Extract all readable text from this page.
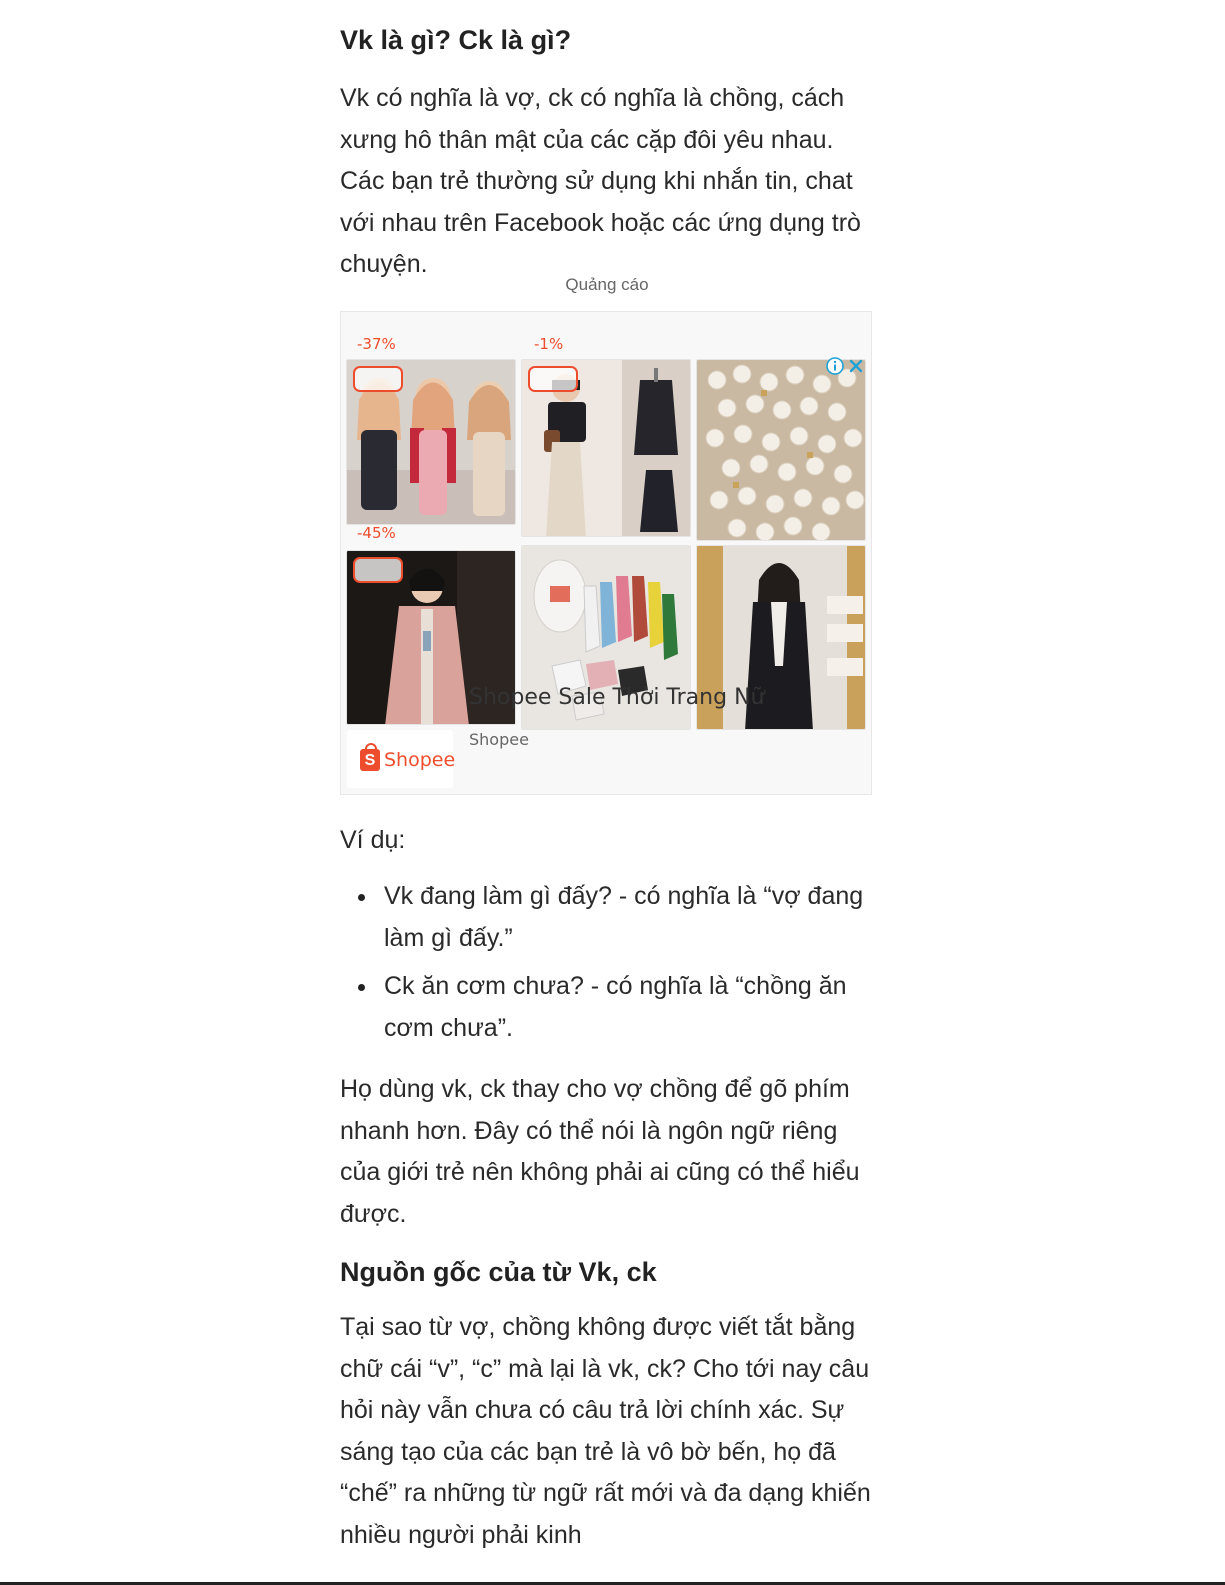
Vk là gì? Ck là gì?

Vk có nghĩa là vợ, ck có nghĩa là chồng, cách xưng hô thân mật của các cặp đôi yêu nhau. Các bạn trẻ thường sử dụng khi nhắn tin, chat với nhau trên Facebook hoặc các ứng dụng trò chuyện.

Quảng cáo
-37%	-1%
-45%
Shopee Sale Thời Trang Nữ
S Shopee
Shopee

Ví dụ:

Vk đang làm gì đấy? - có nghĩa là “vợ đang làm gì đấy.”
Ck ăn cơm chưa? - có nghĩa là “chồng ăn cơm chưa”.

Họ dùng vk, ck thay cho vợ chồng để gõ phím nhanh hơn. Đây có thể nói là ngôn ngữ riêng của giới trẻ nên không phải ai cũng có thể hiểu được.

Nguồn gốc của từ Vk, ck

Tại sao từ vợ, chồng không được viết tắt bằng chữ cái “v”, “c” mà lại là vk, ck? Cho tới nay câu hỏi này vẫn chưa có câu trả lời chính xác. Sự sáng tạo của các bạn trẻ là vô bờ bến, họ đã “chế” ra những từ ngữ rất mới và đa dạng khiến nhiều người phải kinh
